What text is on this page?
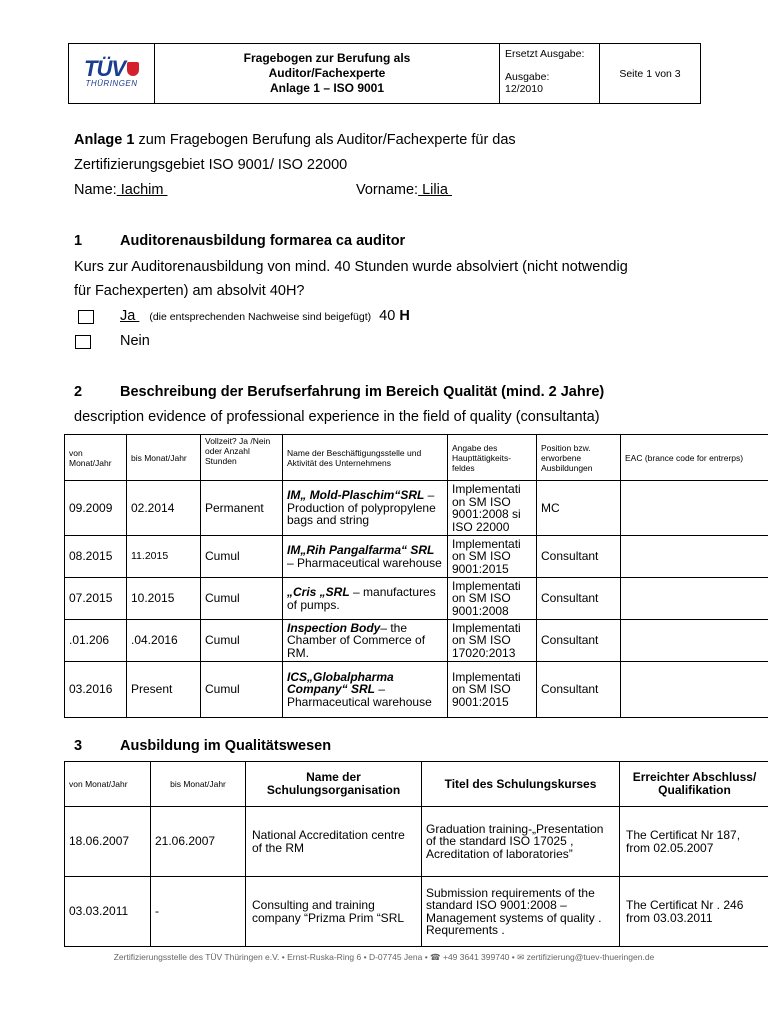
TÜV
THÜRINGEN
Fragebogen zur Berufung als
Auditor/Fachexperte
Anlage 1 – ISO 9001
Ersetzt Ausgabe:
Ausgabe:
12/2010
Seite 1 von 3
Anlage 1 zum Fragebogen Berufung als Auditor/Fachexperte für das
Zertifizierungsgebiet ISO 9001/ ISO 22000
Name: Iachim	Vorname: Lilia
1	Auditorenausbildung formarea ca auditor
Kurs zur Auditorenausbildung von mind. 40 Stunden wurde absolviert (nicht notwendig
für Fachexperten) am absolvit 40H?
Ja (die entsprechenden Nachweise sind beigefügt) 40 H
Nein
2	Beschreibung der Berufserfahrung im Bereich Qualität (mind. 2 Jahre)
description evidence of professional experience in the field of quality (consultanta)
von Monat/Jahr	bis Monat/Jahr	Vollzeit? Ja /Nein oder Anzahl Stunden	Name der Beschäftigungsstelle und Aktivität des Unternehmens	Angabe des Haupttätigkeits-feldes	Position bzw. erworbene Ausbildungen	EAC (brance code for entrerps)
09.2009	02.2014	Permanent	IM„ Mold-Plaschim“SRL – Production of polypropylene bags and string	Implementati on SM ISO 9001:2008 si ISO 22000	MC	
08.2015	11.2015	Cumul	IM„Rih Pangalfarma“ SRL – Pharmaceutical warehouse	Implementati on SM ISO 9001:2015	Consultant	
07.2015	10.2015	Cumul	„Cris „SRL – manufactures of pumps.	Implementati on SM ISO 9001:2008	Consultant	
.01.206	.04.2016	Cumul	Inspection Body– the Chamber of Commerce of RM.	Implementati on SM ISO 17020:2013	Consultant	
03.2016	Present	Cumul	ICS„Globalpharma Company“ SRL – Pharmaceutical warehouse	Implementati on SM ISO 9001:2015	Consultant	
3	Ausbildung im Qualitätswesen
von Monat/Jahr	bis Monat/Jahr	Name der Schulungsorganisation	Titel des Schulungskurses	Erreichter Abschluss/ Qualifikation
18.06.2007	21.06.2007	National Accreditation centre of the RM	Graduation training-„Presentation of the standard ISO 17025 , Acreditation of laboratories”	The Certificat Nr 187, from 02.05.2007
03.03.2011	-	Consulting and training company “Prizma Prim “SRL	Submission requirements of the standard ISO 9001:2008 – Management systems of quality . Requrements .	The Certificat Nr . 246 from 03.03.2011
Zertifizierungsstelle des TÜV Thüringen e.V. • Ernst-Ruska-Ring 6 • D-07745 Jena • ☎ +49 3641 399740 • ✉ zertifizierung@tuev-thueringen.de
